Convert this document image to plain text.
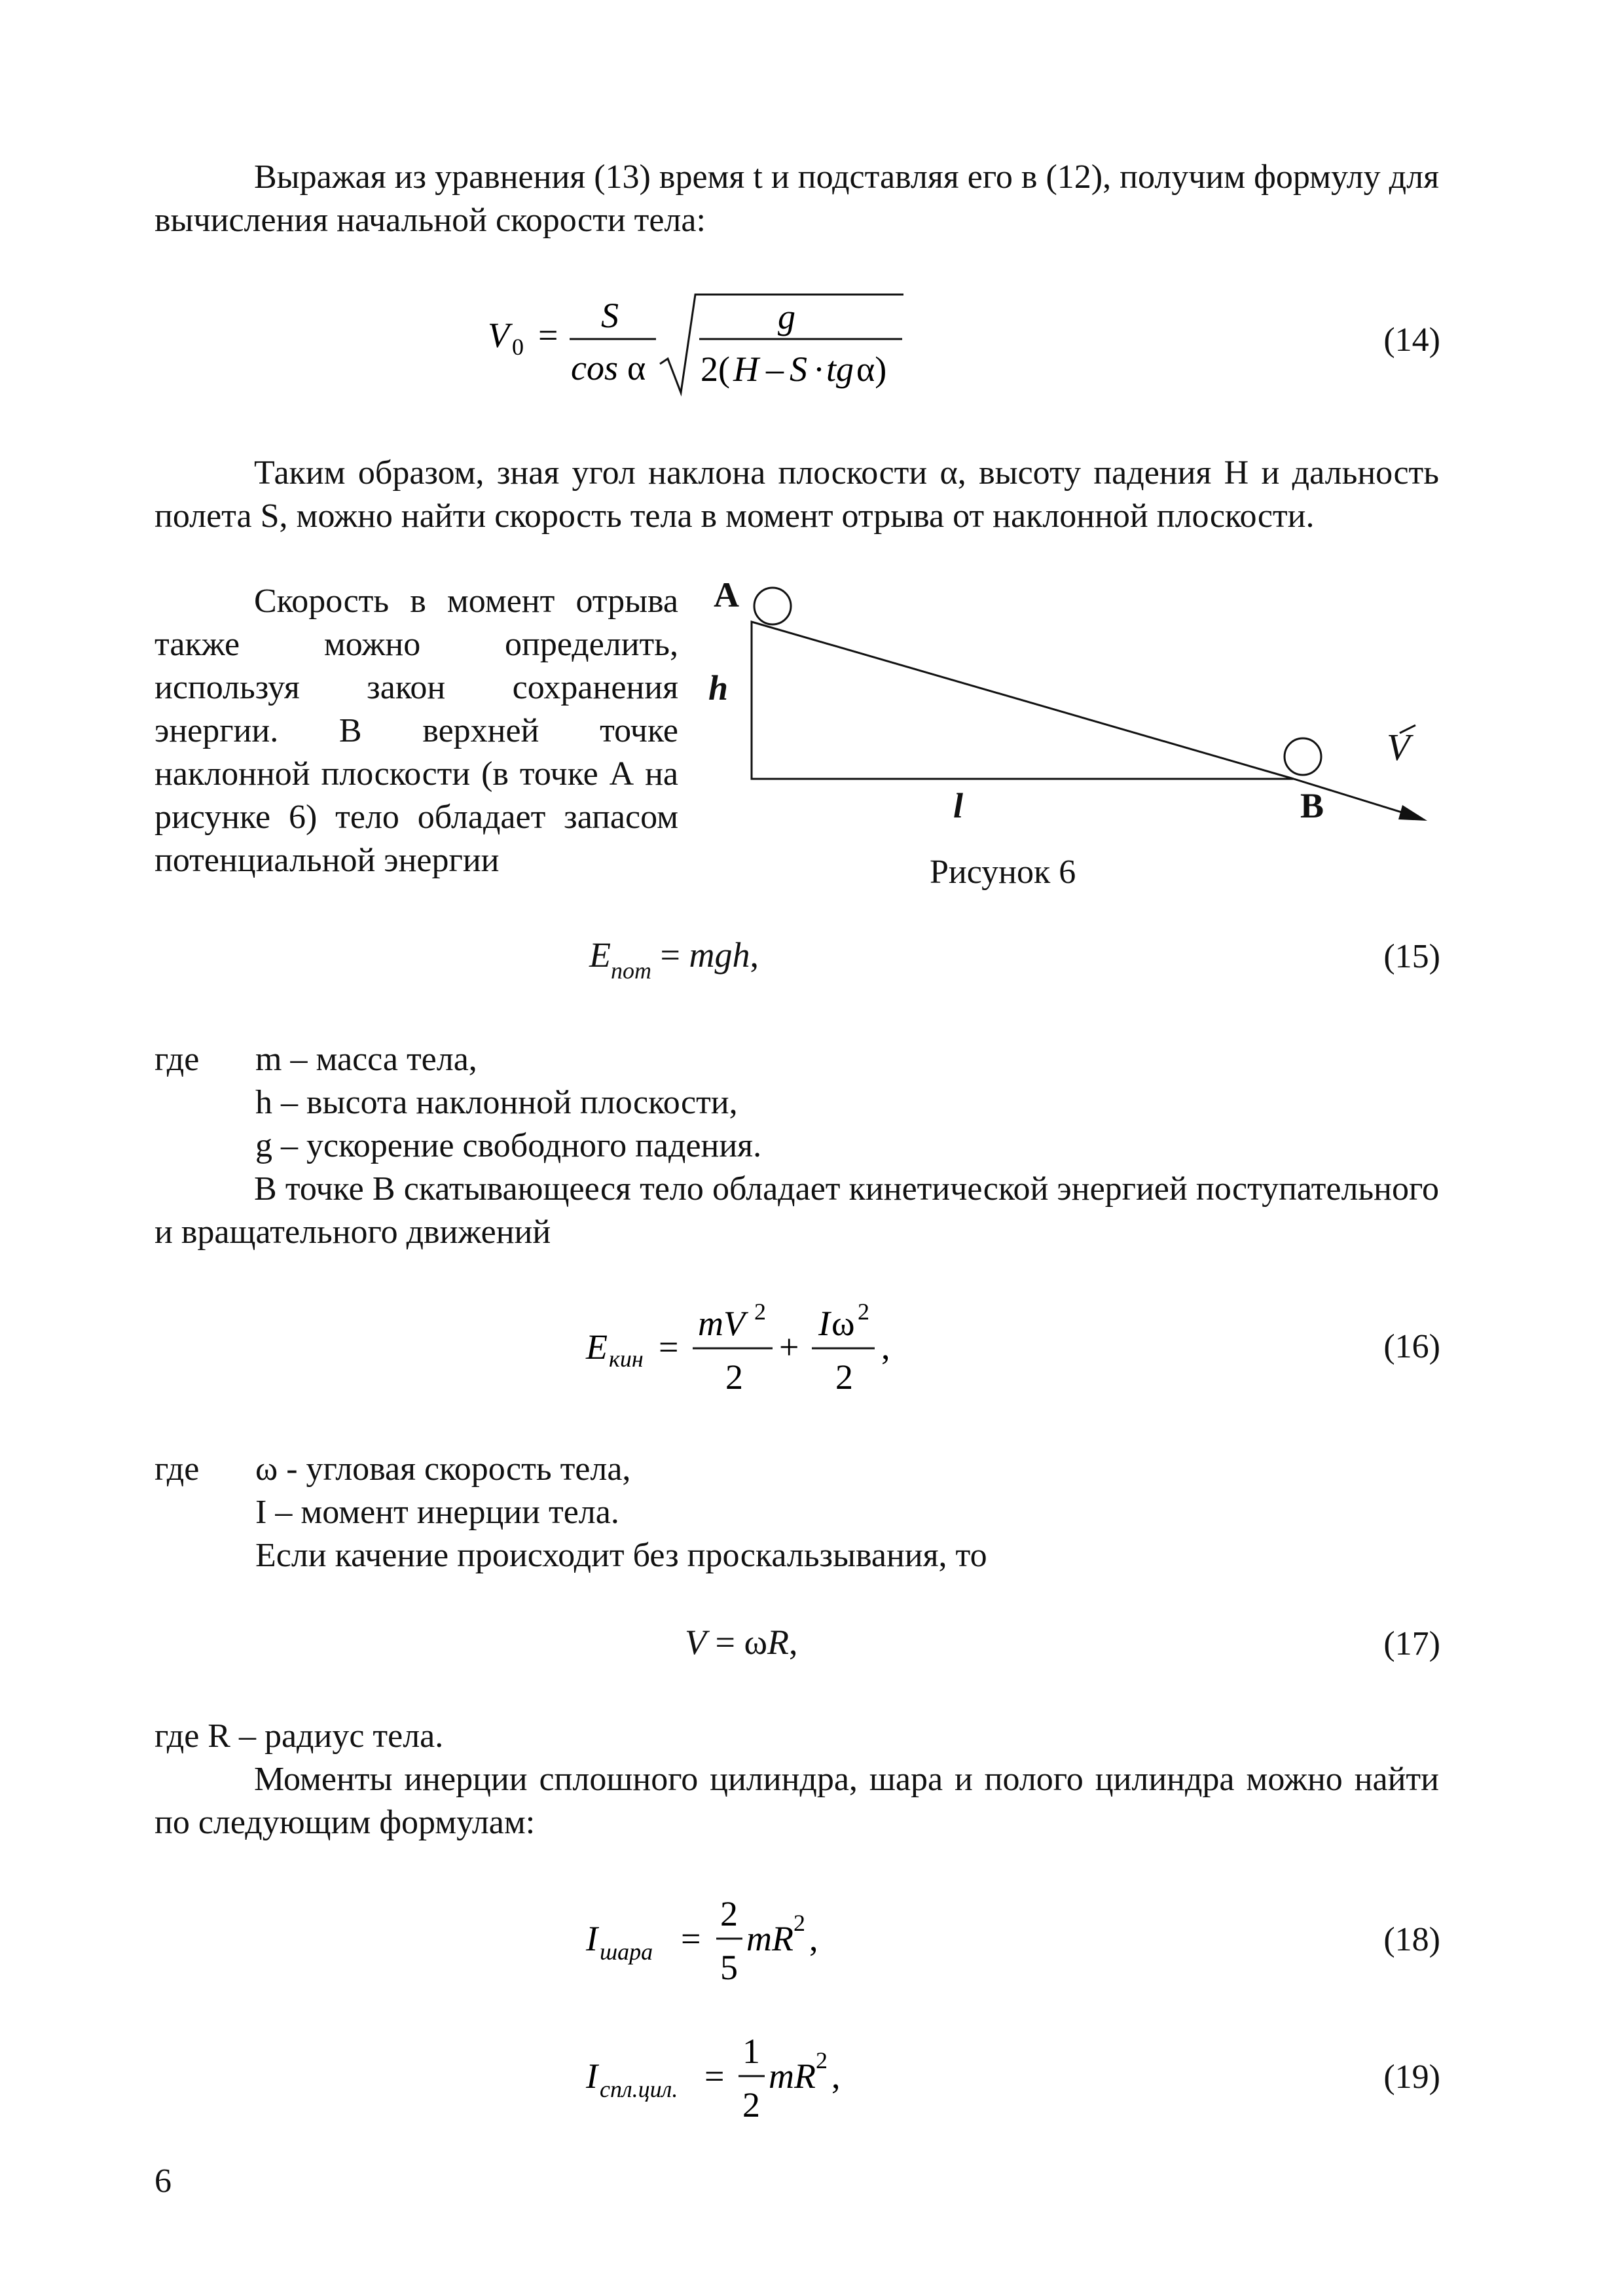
Выражая из уравнения (13) время t и подставляя его в (12), получим формулу для вычисления начальной скорости тела:
V 0 = S
cos α
g
2( H – S · tg α)
(14)
Таким образом, зная угол наклона плоскости α, высоту падения H и дальность полета S, можно найти скорость тела в момент отрыва от наклонной плоскости.
Скорость в момент отрыва также можно определить, используя закон сохранения энергии. В верхней точке наклонной плоскости (в точке А на рисунке 6) тело обладает запасом потенциальной энергии
A
h
l	B
V
Рисунок 6
$E_{пот}$ = mgh,	(15)
где m – масса тела,
h – высота наклонной плоскости,
g – ускорение свободного падения.
В точке В скатывающееся тело обладает кинетической энергией поступательного и вращательного движений
E кин =
mV 2
2
+
I ω 2
2
,	(16)
где ω - угловая скорость тела,
I – момент инерции тела.
Если качение происходит без проскальзывания, то
V = ωR,	(17)
где R – радиус тела.
Моменты инерции сплошного цилиндра, шара и полого цилиндра можно найти по следующим формулам:
I шара =
2
5
mR 2 ,	(18)
I спл.цил. =
1
2
mR 2 ,	(19)
6
